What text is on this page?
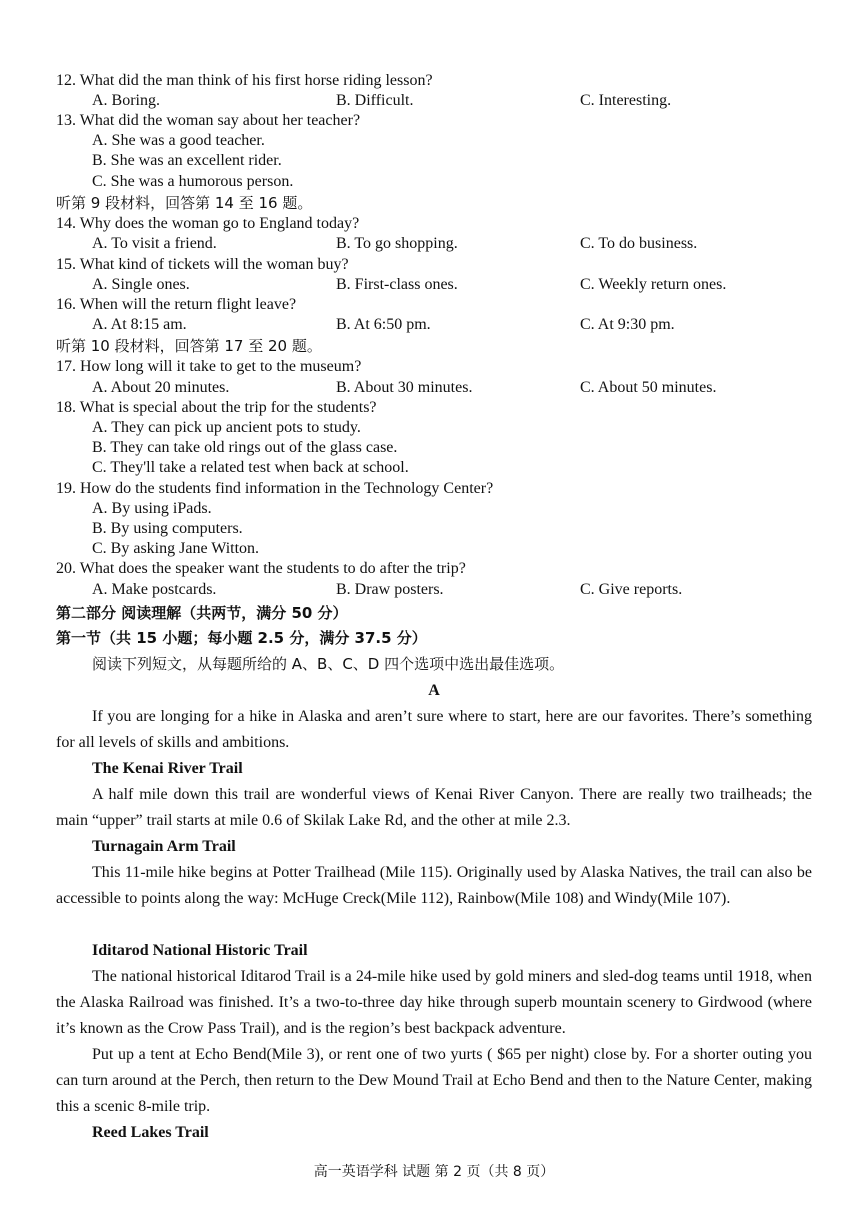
12. What did the man think of his first horse riding lesson?
A. Boring.	B. Difficult.	C. Interesting.
13. What did the woman say about her teacher?
A. She was a good teacher.
B. She was an excellent rider.
C. She was a humorous person.
听第 9 段材料，回答第 14 至 16 题。
14. Why does the woman go to England today?
A. To visit a friend.	B. To go shopping.	C. To do business.
15. What kind of tickets will the woman buy?
A. Single ones.	B. First-class ones.	C. Weekly return ones.
16. When will the return flight leave?
A. At 8:15 am.	B. At 6:50 pm.	C. At 9:30 pm.
听第 10 段材料，回答第 17 至 20 题。
17. How long will it take to get to the museum?
A. About 20 minutes.	B. About 30 minutes.	C. About 50 minutes.
18. What is special about the trip for the students?
A. They can pick up ancient pots to study.
B. They can take old rings out of the glass case.
C. They'll take a related test when back at school.
19. How do the students find information in the Technology Center?
A. By using iPads.
B. By using computers.
C. By asking Jane Witton.
20. What does the speaker want the students to do after the trip?
A. Make postcards.	B. Draw posters.	C. Give reports.
第二部分 阅读理解（共两节，满分 50 分）
第一节（共 15 小题；每小题 2.5 分，满分 37.5 分）
阅读下列短文，从每题所给的 A、B、C、D 四个选项中选出最佳选项。
A
If you are longing for a hike in Alaska and aren’t sure where to start, here are our favorites. There’s something for all levels of skills and ambitions.
The Kenai River Trail
A half mile down this trail are wonderful views of Kenai River Canyon. There are really two trailheads; the main “upper” trail starts at mile 0.6 of Skilak Lake Rd, and the other at mile 2.3.
Turnagain Arm Trail
This 11-mile hike begins at Potter Trailhead (Mile 115). Originally used by Alaska Natives, the trail can also be accessible to points along the way: McHuge Creck(Mile 112), Rainbow(Mile 108) and Windy(Mile 107).
Iditarod National Historic Trail
The national historical Iditarod Trail is a 24-mile hike used by gold miners and sled-dog teams until 1918, when the Alaska Railroad was finished. It’s a two-to-three day hike through superb mountain scenery to Girdwood (where it’s known as the Crow Pass Trail), and is the region’s best backpack adventure.
Put up a tent at Echo Bend(Mile 3), or rent one of two yurts ( $65 per night) close by. For a shorter outing you can turn around at the Perch, then return to the Dew Mound Trail at Echo Bend and then to the Nature Center, making this a scenic 8-mile trip.
Reed Lakes Trail
高一英语学科 试题 第 2 页（共 8 页）
